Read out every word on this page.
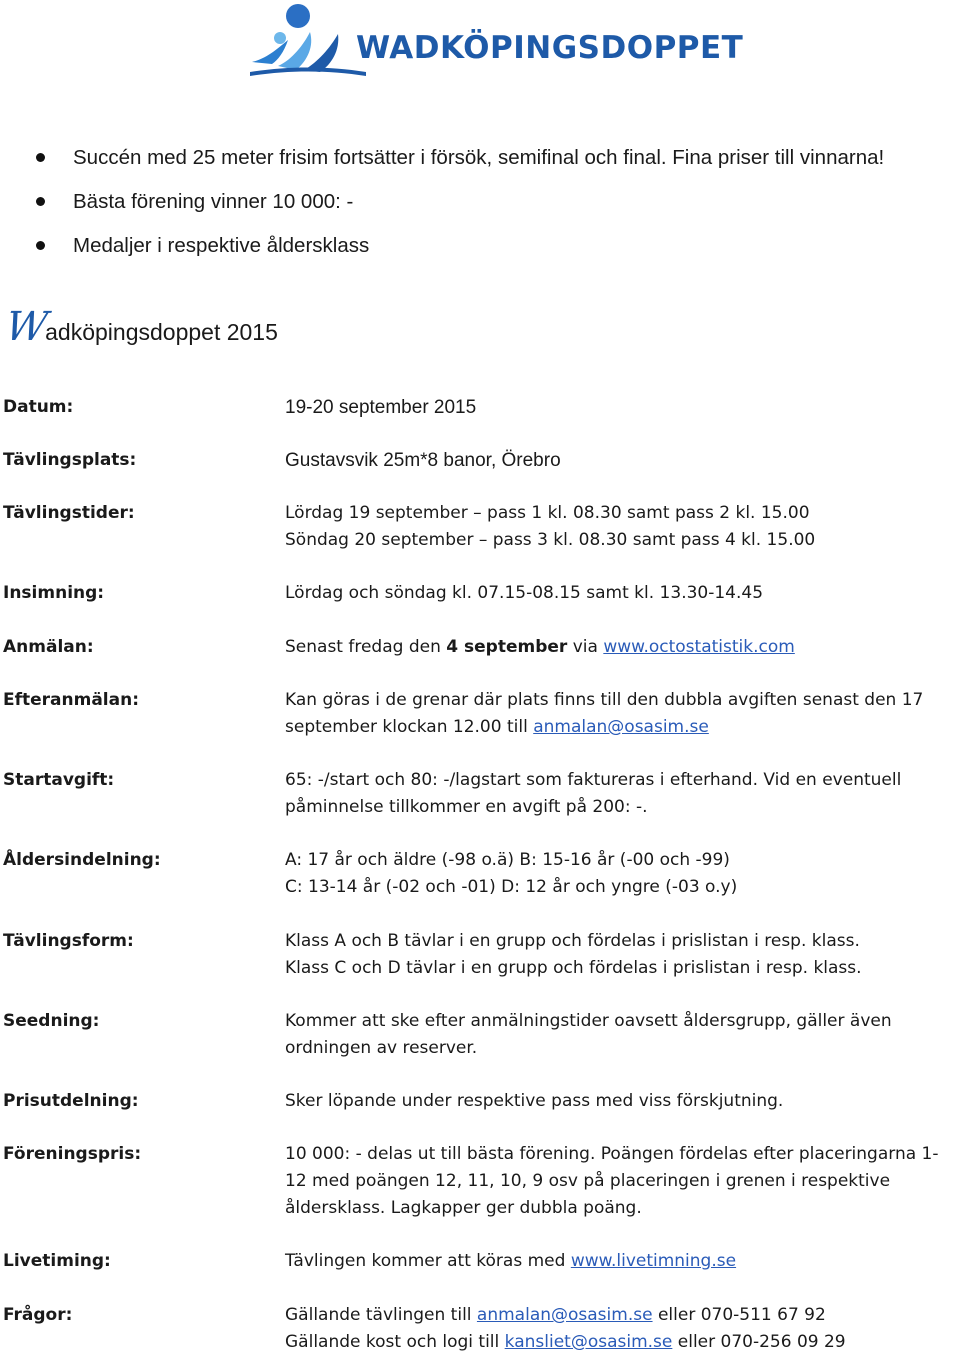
WADKÖPINGSDOPPET
Succén med 25 meter frisim fortsätter i försök, semifinal och final. Fina priser till vinnarna!
Bästa förening vinner 10 000: -
Medaljer i respektive åldersklass
Wadköpingsdoppet 2015
Datum:	19-20 september 2015
Tävlingsplats:	Gustavsvik 25m*8 banor, Örebro
Tävlingstider:	Lördag 19 september – pass 1 kl. 08.30 samt pass 2 kl. 15.00
Söndag 20 september – pass 3 kl. 08.30 samt pass 4 kl. 15.00
Insimning:	Lördag och söndag kl. 07.15-08.15 samt kl. 13.30-14.45
Anmälan:	Senast fredag den 4 september via www.octostatistik.com
Efteranmälan:	Kan göras i de grenar där plats finns till den dubbla avgiften senast den 17
september klockan 12.00 till anmalan@osasim.se
Startavgift:	65: -/start och 80: -/lagstart som faktureras i efterhand. Vid en eventuell
påminnelse tillkommer en avgift på 200: -.
Åldersindelning:	A: 17 år och äldre (-98 o.ä) B: 15-16 år (-00 och -99)
C: 13-14 år (-02 och -01) D: 12 år och yngre (-03 o.y)
Tävlingsform:	Klass A och B tävlar i en grupp och fördelas i prislistan i resp. klass.
Klass C och D tävlar i en grupp och fördelas i prislistan i resp. klass.
Seedning:	Kommer att ske efter anmälningstider oavsett åldersgrupp, gäller även
ordningen av reserver.
Prisutdelning:	Sker löpande under respektive pass med viss förskjutning.
Föreningspris:	10 000: - delas ut till bästa förening. Poängen fördelas efter placeringarna 1-
12 med poängen 12, 11, 10, 9 osv på placeringen i grenen i respektive
åldersklass. Lagkapper ger dubbla poäng.
Livetiming:	Tävlingen kommer att köras med www.livetimning.se
Frågor:	Gällande tävlingen till anmalan@osasim.se eller 070-511 67 92
Gällande kost och logi till kansliet@osasim.se eller 070-256 09 29
